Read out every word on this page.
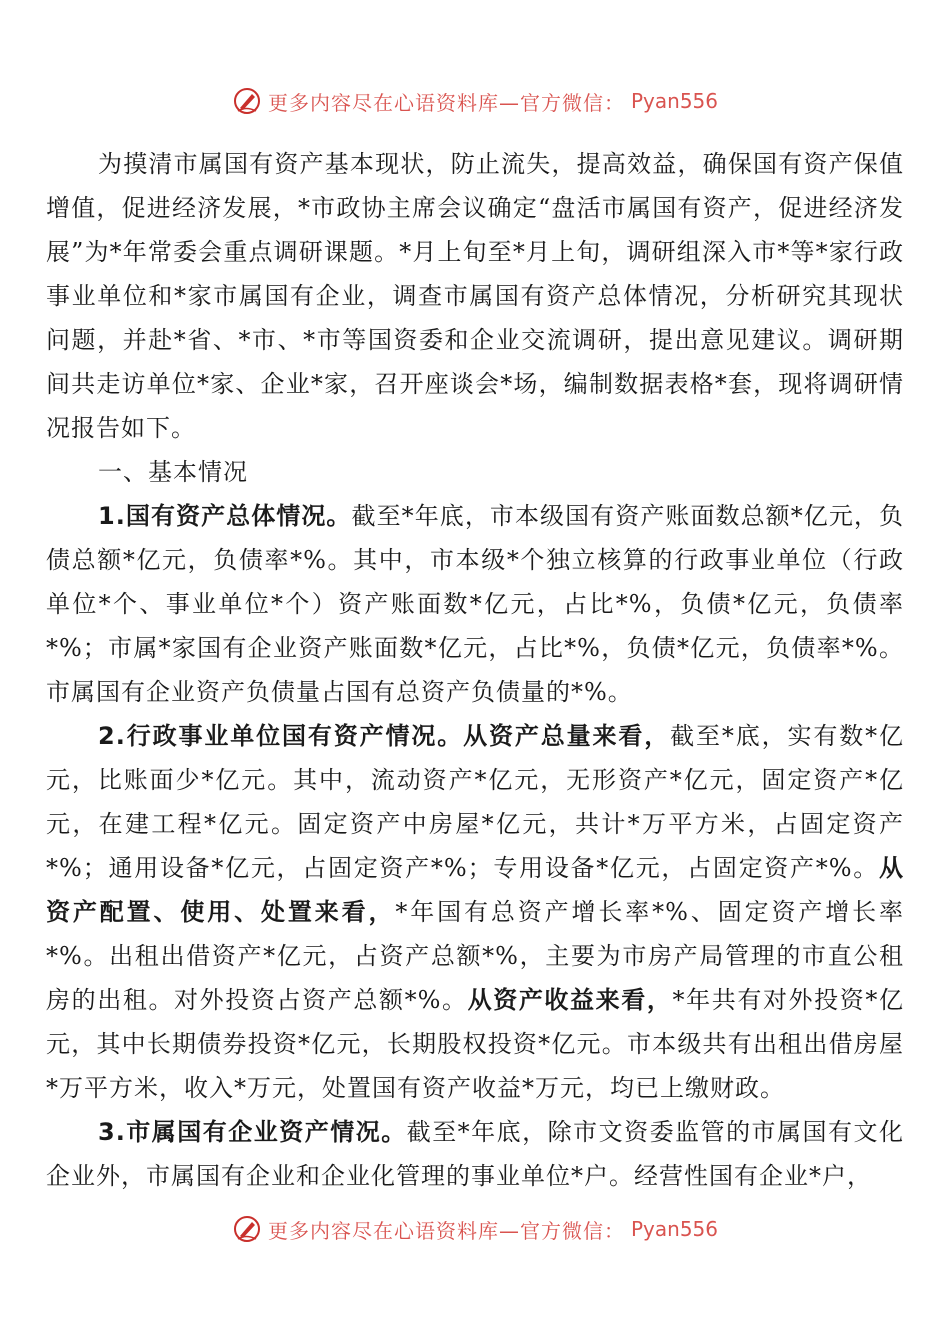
更多内容尽在心语资料库—官方微信： Pyan556

为摸清市属国有资产基本现状，防止流失，提高效益，确保国有资产保值增值，促进经济发展，*市政协主席会议确定“盘活市属国有资产，促进经济发展”为*年常委会重点调研课题。*月上旬至*月上旬，调研组深入市*等*家行政事业单位和*家市属国有企业，调查市属国有资产总体情况，分析研究其现状问题，并赴*省、*市、*市等国资委和企业交流调研，提出意见建议。调研期间共走访单位*家、企业*家，召开座谈会*场，编制数据表格*套，现将调研情况报告如下。

一、基本情况

1.国有资产总体情况。截至*年底，市本级国有资产账面数总额*亿元，负债总额*亿元，负债率*%。其中，市本级*个独立核算的行政事业单位（行政单位*个、事业单位*个）资产账面数*亿元，占比*%，负债*亿元，负债率*%；市属*家国有企业资产账面数*亿元，占比*%，负债*亿元，负债率*%。市属国有企业资产负债量占国有总资产负债量的*%。

2.行政事业单位国有资产情况。从资产总量来看，截至*底，实有数*亿元，比账面少*亿元。其中，流动资产*亿元，无形资产*亿元，固定资产*亿元，在建工程*亿元。固定资产中房屋*亿元，共计*万平方米，占固定资产*%；通用设备*亿元，占固定资产*%；专用设备*亿元，占固定资产*%。从资产配置、使用、处置来看，*年国有总资产增长率*%、固定资产增长率*%。出租出借资产*亿元，占资产总额*%，主要为市房产局管理的市直公租房的出租。对外投资占资产总额*%。从资产收益来看，*年共有对外投资*亿元，其中长期债券投资*亿元，长期股权投资*亿元。市本级共有出租出借房屋*万平方米，收入*万元，处置国有资产收益*万元，均已上缴财政。

3.市属国有企业资产情况。截至*年底，除市文资委监管的市属国有文化企业外，市属国有企业和企业化管理的事业单位*户。经营性国有企业*户，

更多内容尽在心语资料库—官方微信： Pyan556
